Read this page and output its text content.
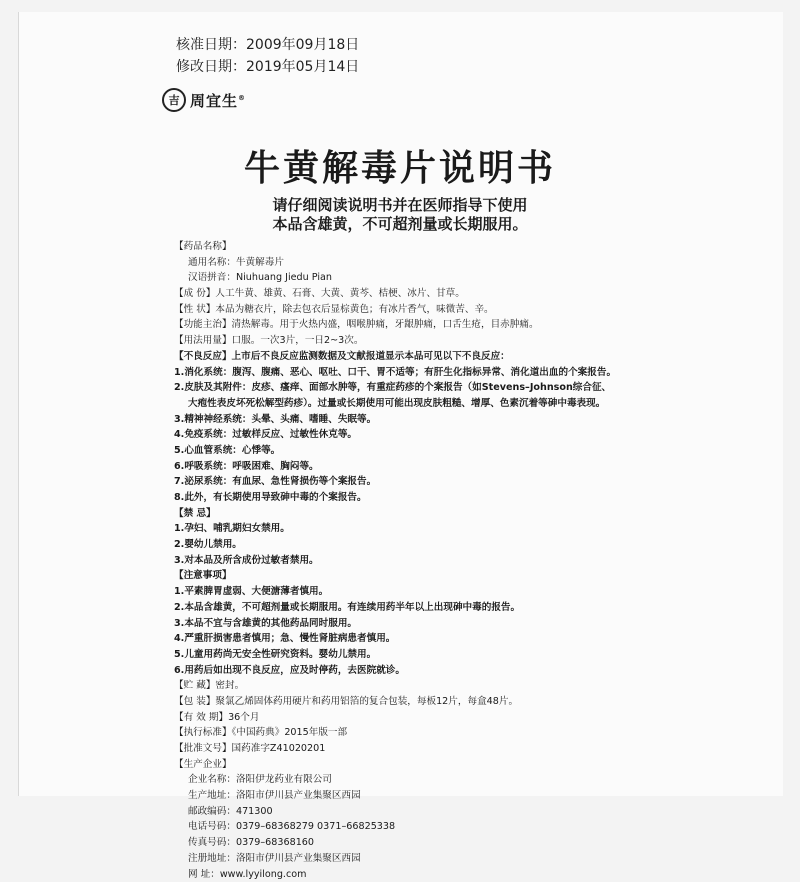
核准日期：2009年09月18日
修改日期：2019年05月14日
吉 周宜生®
牛黄解毒片说明书
请仔细阅读说明书并在医师指导下使用
本品含雄黄，不可超剂量或长期服用。
【药品名称】
通用名称：牛黄解毒片
汉语拼音：Niuhuang Jiedu Pian
【成 份】人工牛黄、雄黄、石膏、大黄、黄芩、桔梗、冰片、甘草。
【性 状】本品为糖衣片，除去包衣后显棕黄色；有冰片香气，味微苦、辛。
【功能主治】清热解毒。用于火热内盛，咽喉肿痛，牙龈肿痛，口舌生疮，目赤肿痛。
【用法用量】口服。一次3片，一日2~3次。
【不良反应】上市后不良反应监测数据及文献报道显示本品可见以下不良反应：
1.消化系统：腹泻、腹痛、恶心、呕吐、口干、胃不适等；有肝生化指标异常、消化道出血的个案报告。
2.皮肤及其附件：皮疹、瘙痒、面部水肿等，有重症药疹的个案报告（如Stevens–Johnson综合征、
大疱性表皮坏死松解型药疹）。过量或长期使用可能出现皮肤粗糙、增厚、色素沉着等砷中毒表现。
3.精神神经系统：头晕、头痛、嗜睡、失眠等。
4.免疫系统：过敏样反应、过敏性休克等。
5.心血管系统：心悸等。
6.呼吸系统：呼吸困难、胸闷等。
7.泌尿系统：有血尿、急性肾损伤等个案报告。
8.此外，有长期使用导致砷中毒的个案报告。
【禁 忌】
1.孕妇、哺乳期妇女禁用。
2.婴幼儿禁用。
3.对本品及所含成份过敏者禁用。
【注意事项】
1.平素脾胃虚弱、大便溏薄者慎用。
2.本品含雄黄，不可超剂量或长期服用。有连续用药半年以上出现砷中毒的报告。
3.本品不宜与含雄黄的其他药品同时服用。
4.严重肝损害患者慎用；急、慢性肾脏病患者慎用。
5.儿童用药尚无安全性研究资料。婴幼儿禁用。
6.用药后如出现不良反应，应及时停药，去医院就诊。
【贮 藏】密封。
【包 装】聚氯乙烯固体药用硬片和药用铝箔的复合包装，每板12片，每盒48片。
【有 效 期】36个月
【执行标准】《中国药典》2015年版一部
【批准文号】国药准字Z41020201
【生产企业】
企业名称：洛阳伊龙药业有限公司
生产地址：洛阳市伊川县产业集聚区西园
邮政编码：471300
电话号码：0379–68368279 0371–66825338
传真号码：0379–68368160
注册地址：洛阳市伊川县产业集聚区西园
网 址：www.lyyilong.com
